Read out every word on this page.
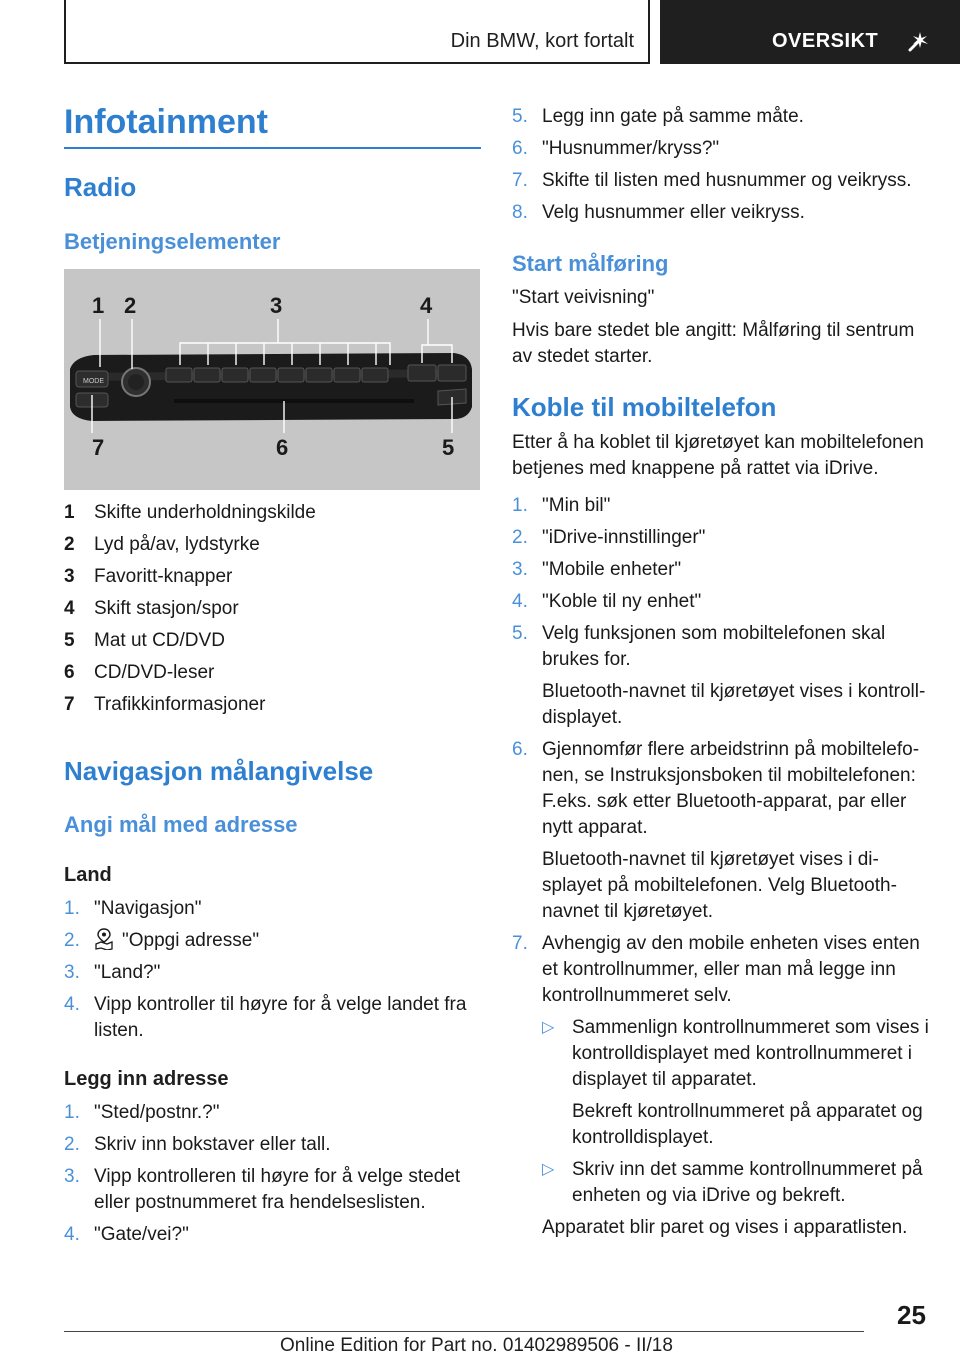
Din BMW, kort fortalt	OVERSIKT
Infotainment
Radio
Betjeningselementer
MODE
1 2	3	4
7	6	5
1 Skifte underholdningskilde
2 Lyd på/av, lydstyrke
3 Favoritt-knapper
4 Skift stasjon/spor
5 Mat ut CD/DVD
6 CD/DVD-leser
7 Trafikkinformasjoner
Navigasjon målangivelse
Angi mål med adresse
Land
1. "Navigasjon"
2. "Oppgi adresse"
3. "Land?"
4. Vipp kontroller til høyre for å velge landet fra listen.
Legg inn adresse
1. "Sted/postnr.?"
2. Skriv inn bokstaver eller tall.
3. Vipp kontrolleren til høyre for å velge stedet eller postnummeret fra hendelseslisten.
4. "Gate/vei?"
5. Legg inn gate på samme måte.
6. "Husnummer/kryss?"
7. Skifte til listen med husnummer og veikryss.
8. Velg husnummer eller veikryss.
Start målføring
"Start veivisning"
Hvis bare stedet ble angitt: Målføring til sentrum av stedet starter.
Koble til mobiltelefon
Etter å ha koblet til kjøretøyet kan mobiltelefonen betjenes med knappene på rattet via iDrive.
1. "Min bil"
2. "iDrive-innstillinger"
3. "Mobile enheter"
4. "Koble til ny enhet"
5. Velg funksjonen som mobiltelefonen skal brukes for.
Bluetooth-navnet til kjøretøyet vises i kontrolldisplayet.
6. Gjennomfør flere arbeidstrinn på mobiltelefonen, se Instruksjonsboken til mobiltelefonen: F.eks. søk etter Bluetooth-apparat, par eller nytt apparat.
Bluetooth-navnet til kjøretøyet vises i displayet på mobiltelefonen. Velg Bluetooth-navnet til kjøretøyet.
7. Avhengig av den mobile enheten vises enten et kontrollnummer, eller man må legge inn kontrollnummeret selv.
▷ Sammenlign kontrollnummeret som vises i kontrolldisplayet med kontrollnummeret i displayet til apparatet.
Bekreft kontrollnummeret på apparatet og kontrolldisplayet.
▷ Skriv inn det samme kontrollnummeret på enheten og via iDrive og bekreft.
Apparatet blir paret og vises i apparatlisten.
25
Online Edition for Part no. 01402989506 - II/18
